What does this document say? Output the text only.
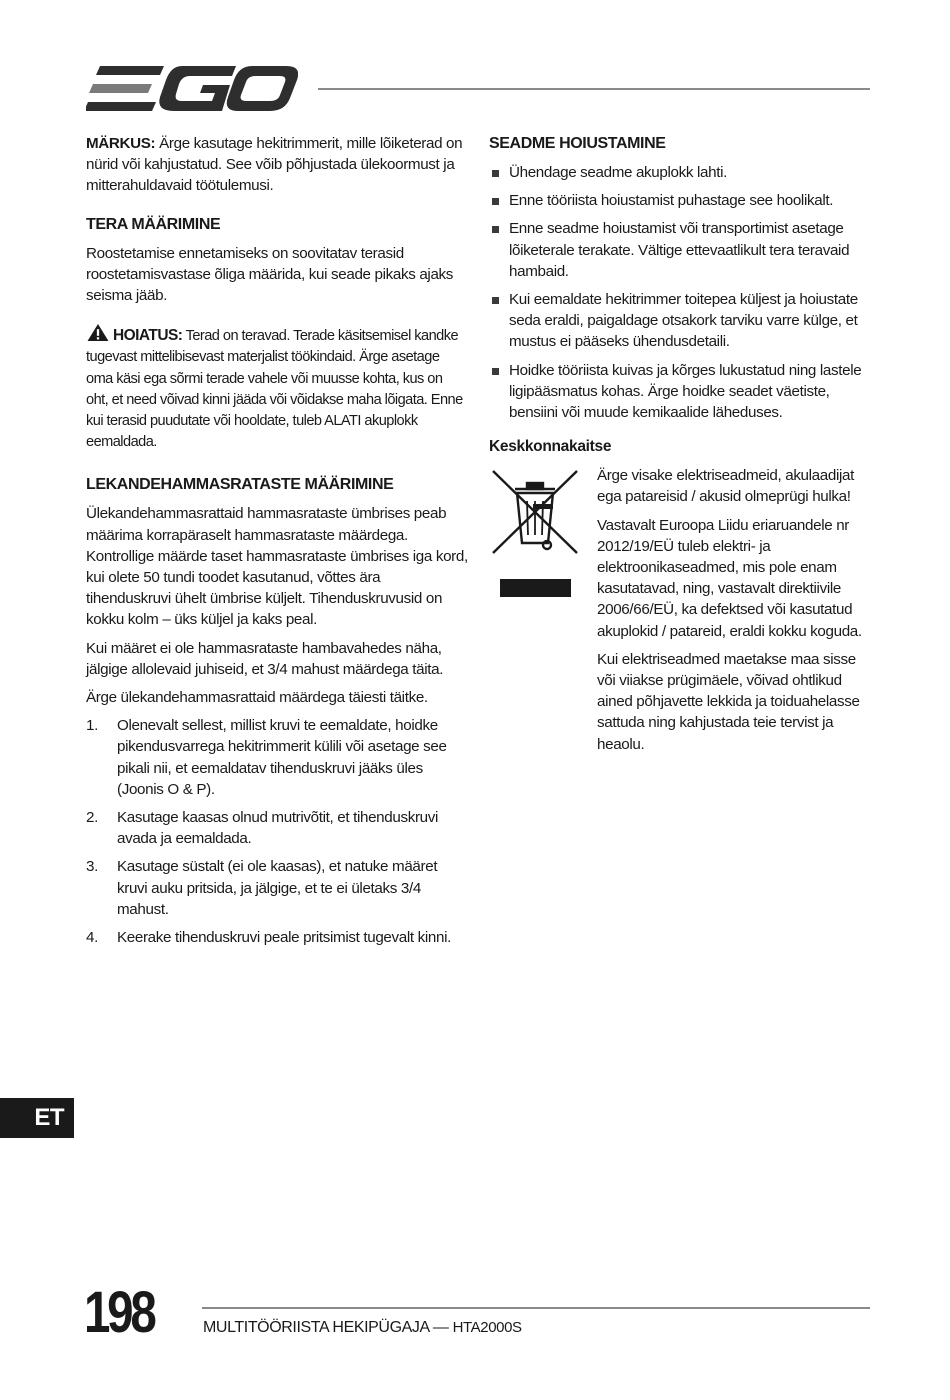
MÄRKUS: Ärge kasutage hekitrimmerit, mille lõiketerad on nürid või kahjustatud. See võib põhjustada ülekoormust ja mitterahuldavaid töötulemusi.

TERA MÄÄRIMINE

Roostetamise ennetamiseks on soovitatav terasid roostetamisvastase õliga määrida, kui seade pikaks ajaks seisma jääb.

HOIATUS: Terad on teravad. Terade käsitsemisel kandke tugevast mittelibisevast materjalist töökindaid. Ärge asetage oma käsi ega sõrmi terade vahele või muusse kohta, kus on oht, et need võivad kinni jääda või võidakse maha lõigata. Enne kui terasid puudutate või hooldate, tuleb ALATI akuplokk eemaldada.

LEKANDEHAMMASRATASTE MÄÄRIMINE

Ülekandehammasrattaid hammasrataste ümbrises peab määrima korrapäraselt hammasrataste määrdega. Kontrollige määrde taset hammasrataste ümbrises iga kord, kui olete 50 tundi toodet kasutanud, võttes ära tihenduskruvi ühelt ümbrise küljelt. Tihenduskruvusid on kokku kolm – üks küljel ja kaks peal.

Kui määret ei ole hammasrataste hambavahedes näha, jälgige allolevaid juhiseid, et 3/4 mahust määrdega täita.

Ärge ülekandehammasrattaid määrdega täiesti täitke.

1. Olenevalt sellest, millist kruvi te eemaldate, hoidke pikendusvarrega hekitrimmerit külili või asetage see pikali nii, et eemaldatav tihenduskruvi jääks üles (Joonis O & P).
2. Kasutage kaasas olnud mutrivõtit, et tihenduskruvi avada ja eemaldada.
3. Kasutage süstalt (ei ole kaasas), et natuke määret kruvi auku pritsida, ja jälgige, et te ei ületaks 3/4 mahust.
4. Keerake tihenduskruvi peale pritsimist tugevalt kinni.
SEADME HOIUSTAMINE
Ühendage seadme akuplokk lahti.
Enne tööriista hoiustamist puhastage see hoolikalt.
Enne seadme hoiustamist või transportimist asetage lõiketerale terakate. Vältige ettevaatlikult tera teravaid hambaid.
Kui eemaldate hekitrimmer toitepea küljest ja hoiustate seda eraldi, paigaldage otsakork tarviku varre külge, et mustus ei pääseks ühendusdetaili.
Hoidke tööriista kuivas ja kõrges lukustatud ning lastele ligipääsmatus kohas. Ärge hoidke seadet väetiste, bensiini või muude kemikaalide läheduses.
Keskkonnakaitse

Ärge visake elektriseadmeid, akulaadijat ega patareisid / akusid olmeprügi hulka!

Vastavalt Euroopa Liidu eriaruandele nr 2012/19/EÜ tuleb elektri- ja elektroonikaseadmed, mis pole enam kasutatavad, ning, vastavalt direktiivile 2006/66/EÜ, ka defektsed või kasutatud akuplokid / patareid, eraldi kokku koguda.

Kui elektriseadmed maetakse maa sisse või viiakse prügimäele, võivad ohtlikud ained põhjavette lekkida ja toiduahelasse sattuda ning kahjustada teie tervist ja heaolu.

ET
198	MULTITÖÖRIISTA HEKIPÜGAJA — HTA2000S
